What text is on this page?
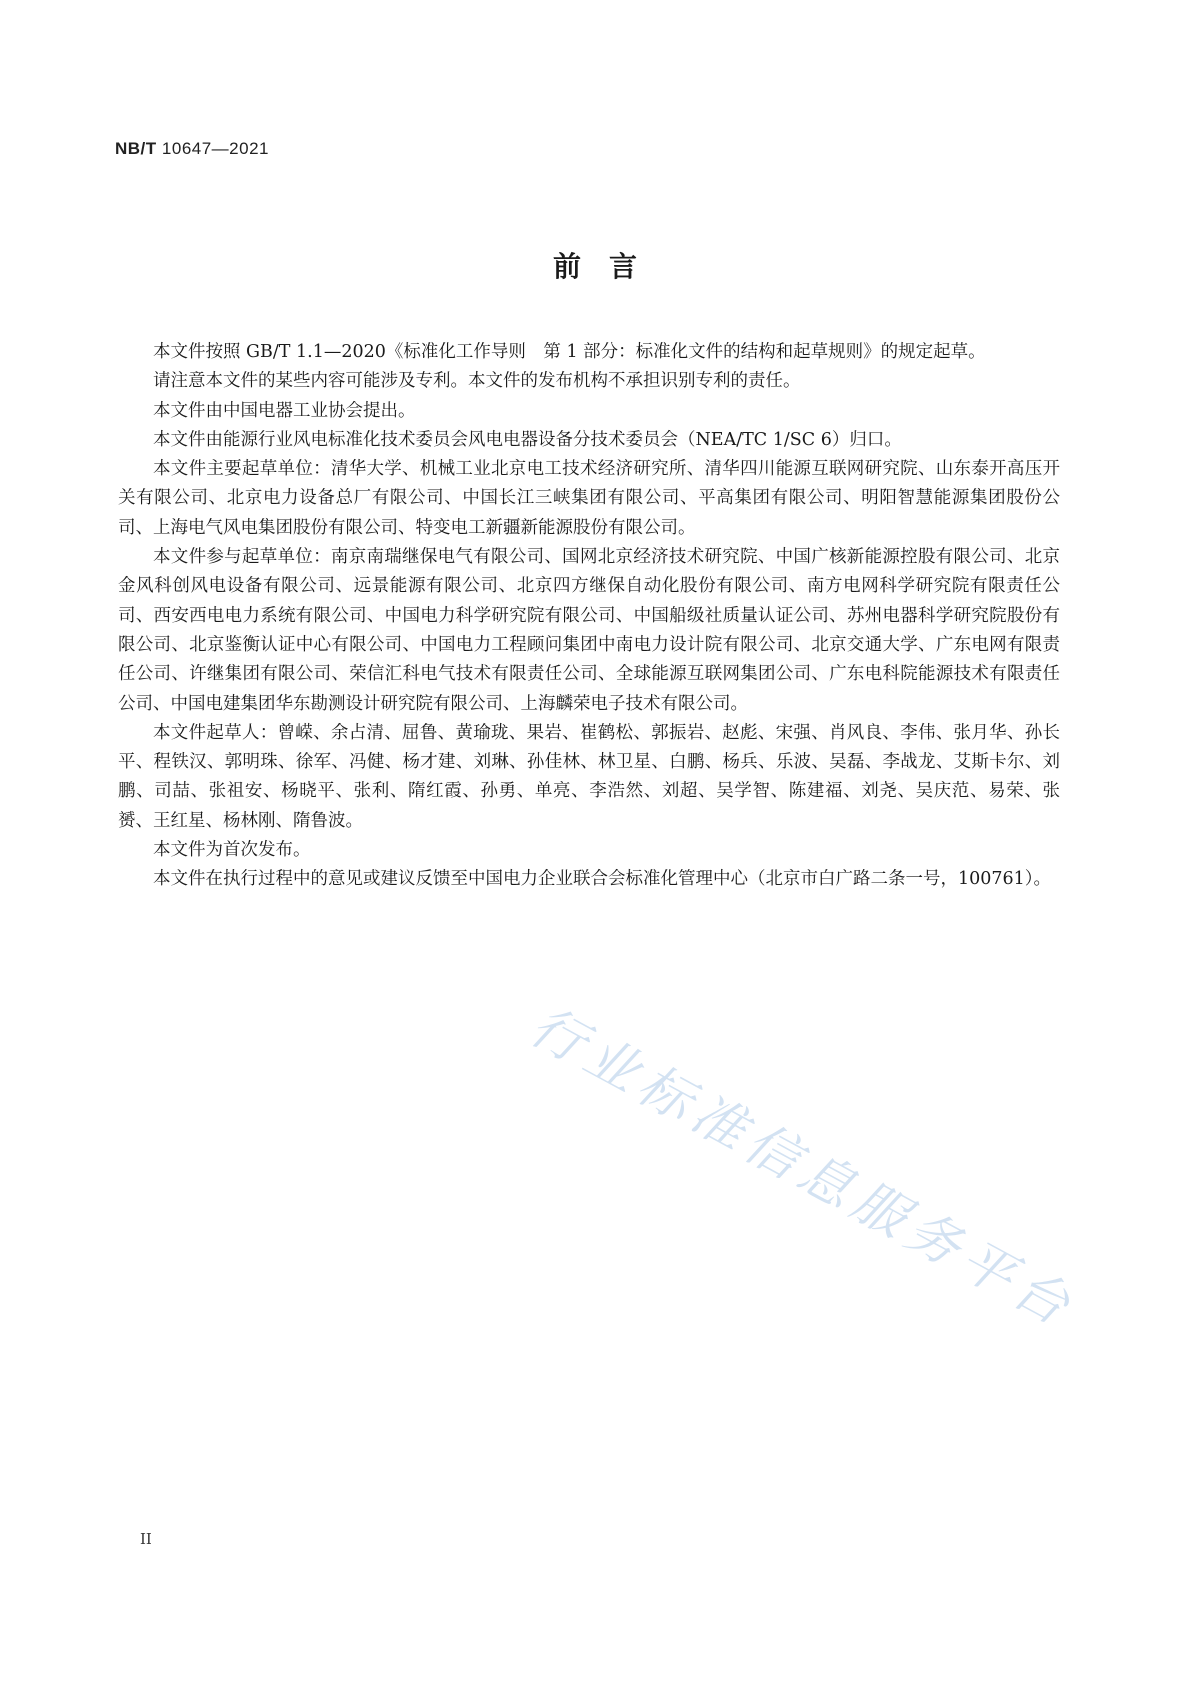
NB/T 10647—2021
前　言

本文件按照 GB/T 1.1—2020《标准化工作导则　第 1 部分：标准化文件的结构和起草规则》的规定起草。

请注意本文件的某些内容可能涉及专利。本文件的发布机构不承担识别专利的责任。

本文件由中国电器工业协会提出。

本文件由能源行业风电标准化技术委员会风电电器设备分技术委员会（NEA/TC 1/SC 6）归口。

本文件主要起草单位：清华大学、机械工业北京电工技术经济研究所、清华四川能源互联网研究院、山东泰开高压开关有限公司、北京电力设备总厂有限公司、中国长江三峡集团有限公司、平高集团有限公司、明阳智慧能源集团股份公司、上海电气风电集团股份有限公司、特变电工新疆新能源股份有限公司。

本文件参与起草单位：南京南瑞继保电气有限公司、国网北京经济技术研究院、中国广核新能源控股有限公司、北京金风科创风电设备有限公司、远景能源有限公司、北京四方继保自动化股份有限公司、南方电网科学研究院有限责任公司、西安西电电力系统有限公司、中国电力科学研究院有限公司、中国船级社质量认证公司、苏州电器科学研究院股份有限公司、北京鉴衡认证中心有限公司、中国电力工程顾问集团中南电力设计院有限公司、北京交通大学、广东电网有限责任公司、许继集团有限公司、荣信汇科电气技术有限责任公司、全球能源互联网集团公司、广东电科院能源技术有限责任公司、中国电建集团华东勘测设计研究院有限公司、上海麟荣电子技术有限公司。

本文件起草人：曾嵘、余占清、屈鲁、黄瑜珑、果岩、崔鹤松、郭振岩、赵彪、宋强、肖风良、李伟、张月华、孙长平、程铁汉、郭明珠、徐军、冯健、杨才建、刘琳、孙佳林、林卫星、白鹏、杨兵、乐波、吴磊、李战龙、艾斯卡尔、刘鹏、司喆、张祖安、杨晓平、张利、隋红霞、孙勇、单亮、李浩然、刘超、吴学智、陈建福、刘尧、吴庆范、易荣、张赟、王红星、杨林刚、隋鲁波。

本文件为首次发布。

本文件在执行过程中的意见或建议反馈至中国电力企业联合会标准化管理中心（北京市白广路二条一号，100761）。

行业标准信息服务平台
II
